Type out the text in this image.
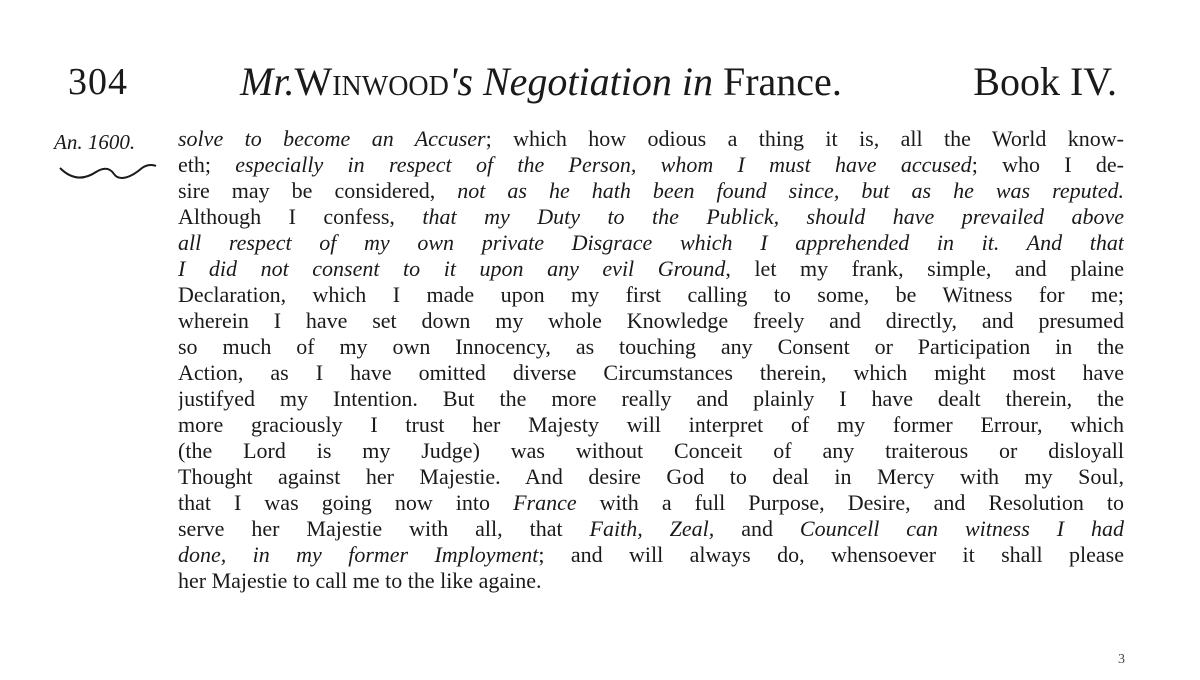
304	Mr.Winwood's Negotiation in France.	Book IV.
An. 1600. solve to become an Accuser; which how odious a thing it is, all the World know-
eth; especially in respect of the Person, whom I must have accused; who I de-
sire may be considered, not as he hath been found since, but as he was reputed.
Although I confess, that my Duty to the Publick, should have prevailed above
all respect of my own private Disgrace which I apprehended in it. And that
I did not consent to it upon any evil Ground, let my frank, simple, and plaine
Declaration, which I made upon my first calling to some, be Witness for me;
wherein I have set down my whole Knowledge freely and directly, and presumed
so much of my own Innocency, as touching any Consent or Participation in the
Action, as I have omitted diverse Circumstances therein, which might most have
justifyed my Intention. But the more really and plainly I have dealt therein, the
more graciously I trust her Majesty will interpret of my former Errour, which
(the Lord is my Judge) was without Conceit of any traiterous or disloyall
Thought against her Majestie. And desire God to deal in Mercy with my Soul,
that I was going now into France with a full Purpose, Desire, and Resolution to
serve her Majestie with all, that Faith, Zeal, and Councell can witness I had
done, in my former Imployment; and will always do, whensoever it shall please
her Majestie to call me to the like againe.
3
